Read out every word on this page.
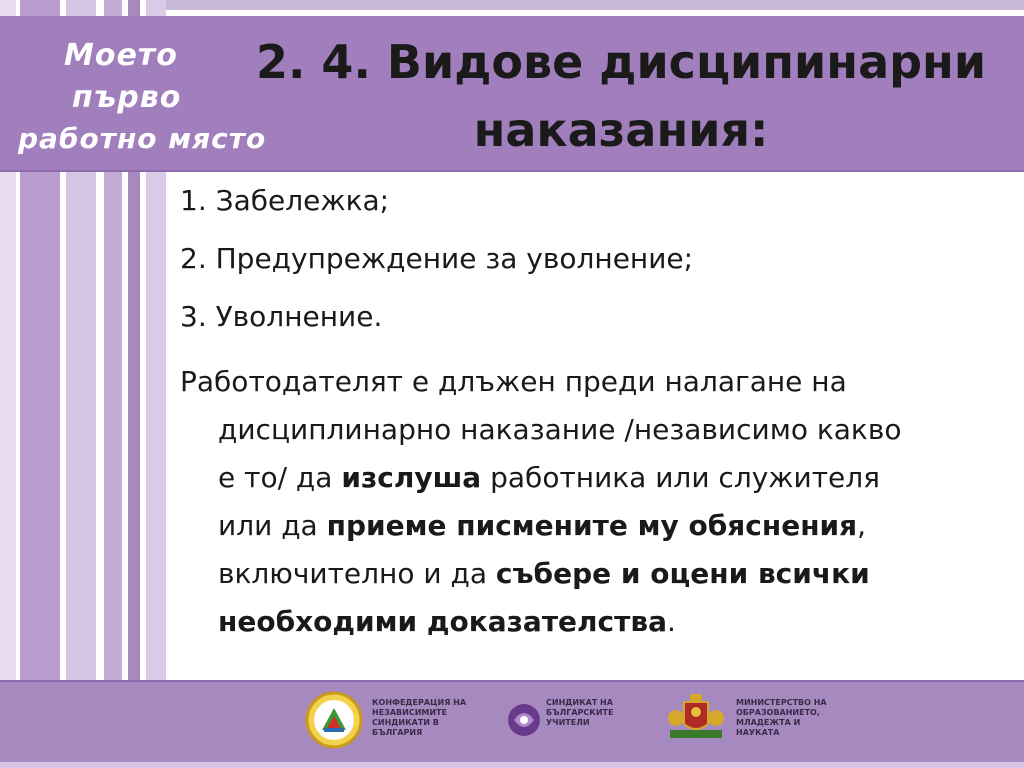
Моето
първо
работно място
2. 4. Видове дисципинарни
наказания:
1. Забележка;
2. Предупреждение за уволнение;
3. Уволнение.
Работодателят е длъжен преди налагане на
дисциплинарно наказание /независимо какво
е то/ да изслуша работника или служителя
или да приеме писмените му обяснения,
включително и да събере и оцени всички
необходими доказателства.
КОНФЕДЕРАЦИЯ НА НЕЗАВИСИМИТЕ СИНДИКАТИ В БЪЛГАРИЯ
СИНДИКАТ НА БЪЛГАРСКИТЕ УЧИТЕЛИ
МИНИСТЕРСТВО НА ОБРАЗОВАНИЕТО, МЛАДЕЖТА И НАУКАТА
